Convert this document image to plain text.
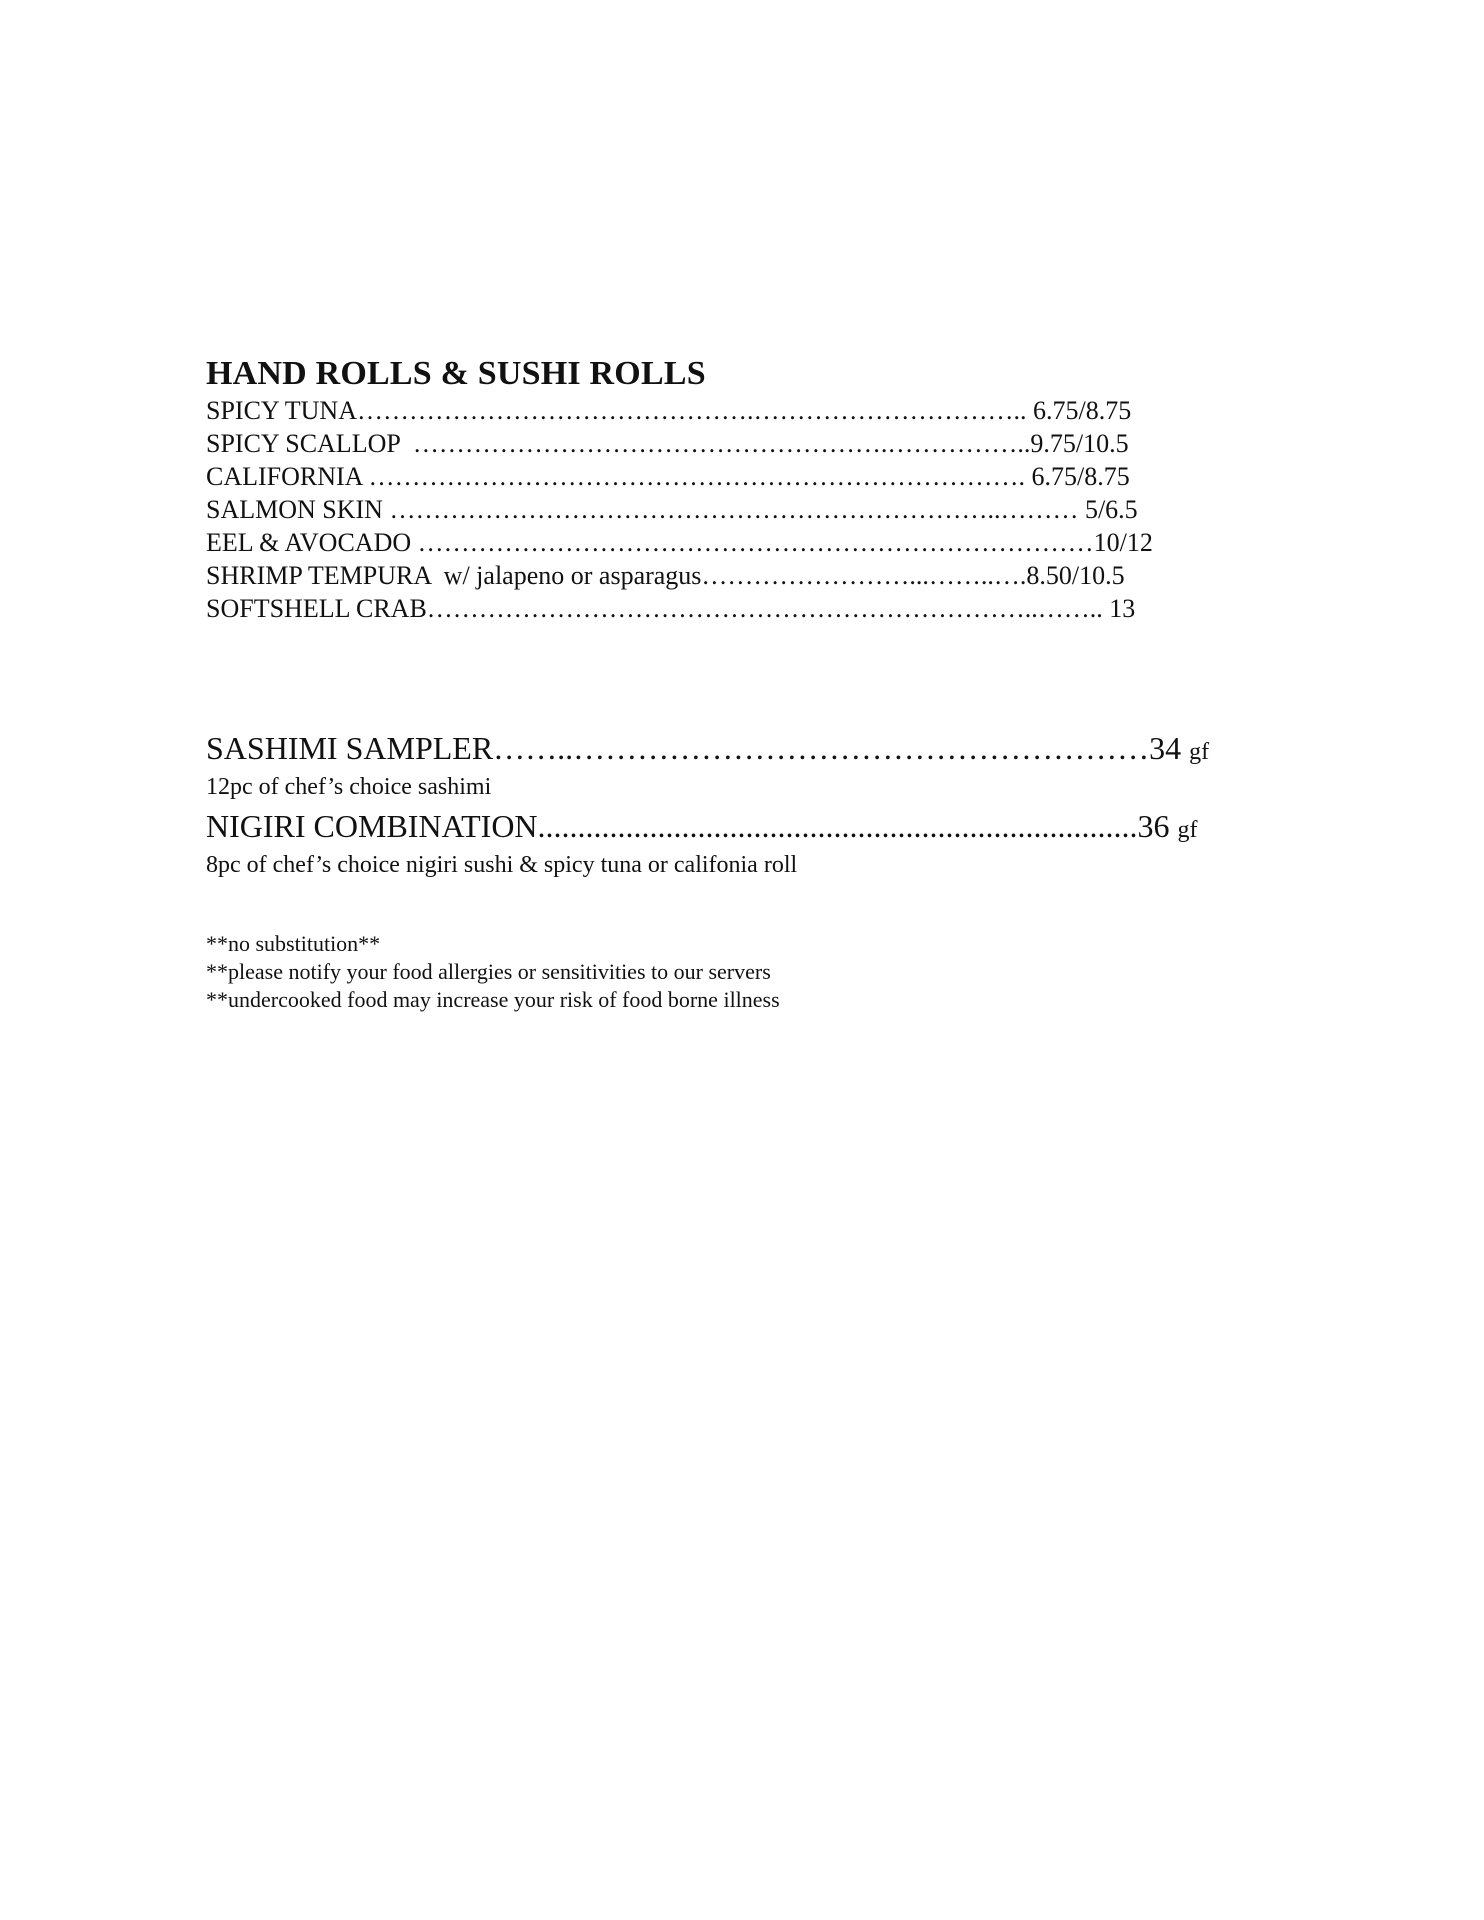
HAND ROLLS & SUSHI ROLLS
SPICY TUNA……………………………………….………………………….. 6.75/8.75
SPICY SCALLOP  ……………………………………………….……………..9.75/10.5
CALIFORNIA …………………………………………………………………. 6.75/8.75
SALMON SKIN ……………………………………………………………..……… 5/6.5
EEL & AVOCADO ……………………………………………………………………10/12
SHRIMP TEMPURA  w/ jalapeno or asparagus……………………...……..….8.50/10.5
SOFTSHELL CRAB……………………………………………………………..…….. 13
SASHIMI SAMPLER……..………………………………………………34 gf
12pc of chef’s choice sashimi
NIGIRI COMBINATION...........................................................................36 gf
8pc of chef’s choice nigiri sushi & spicy tuna or califonia roll
**no substitution**
**please notify your food allergies or sensitivities to our servers
**undercooked food may increase your risk of food borne illness
